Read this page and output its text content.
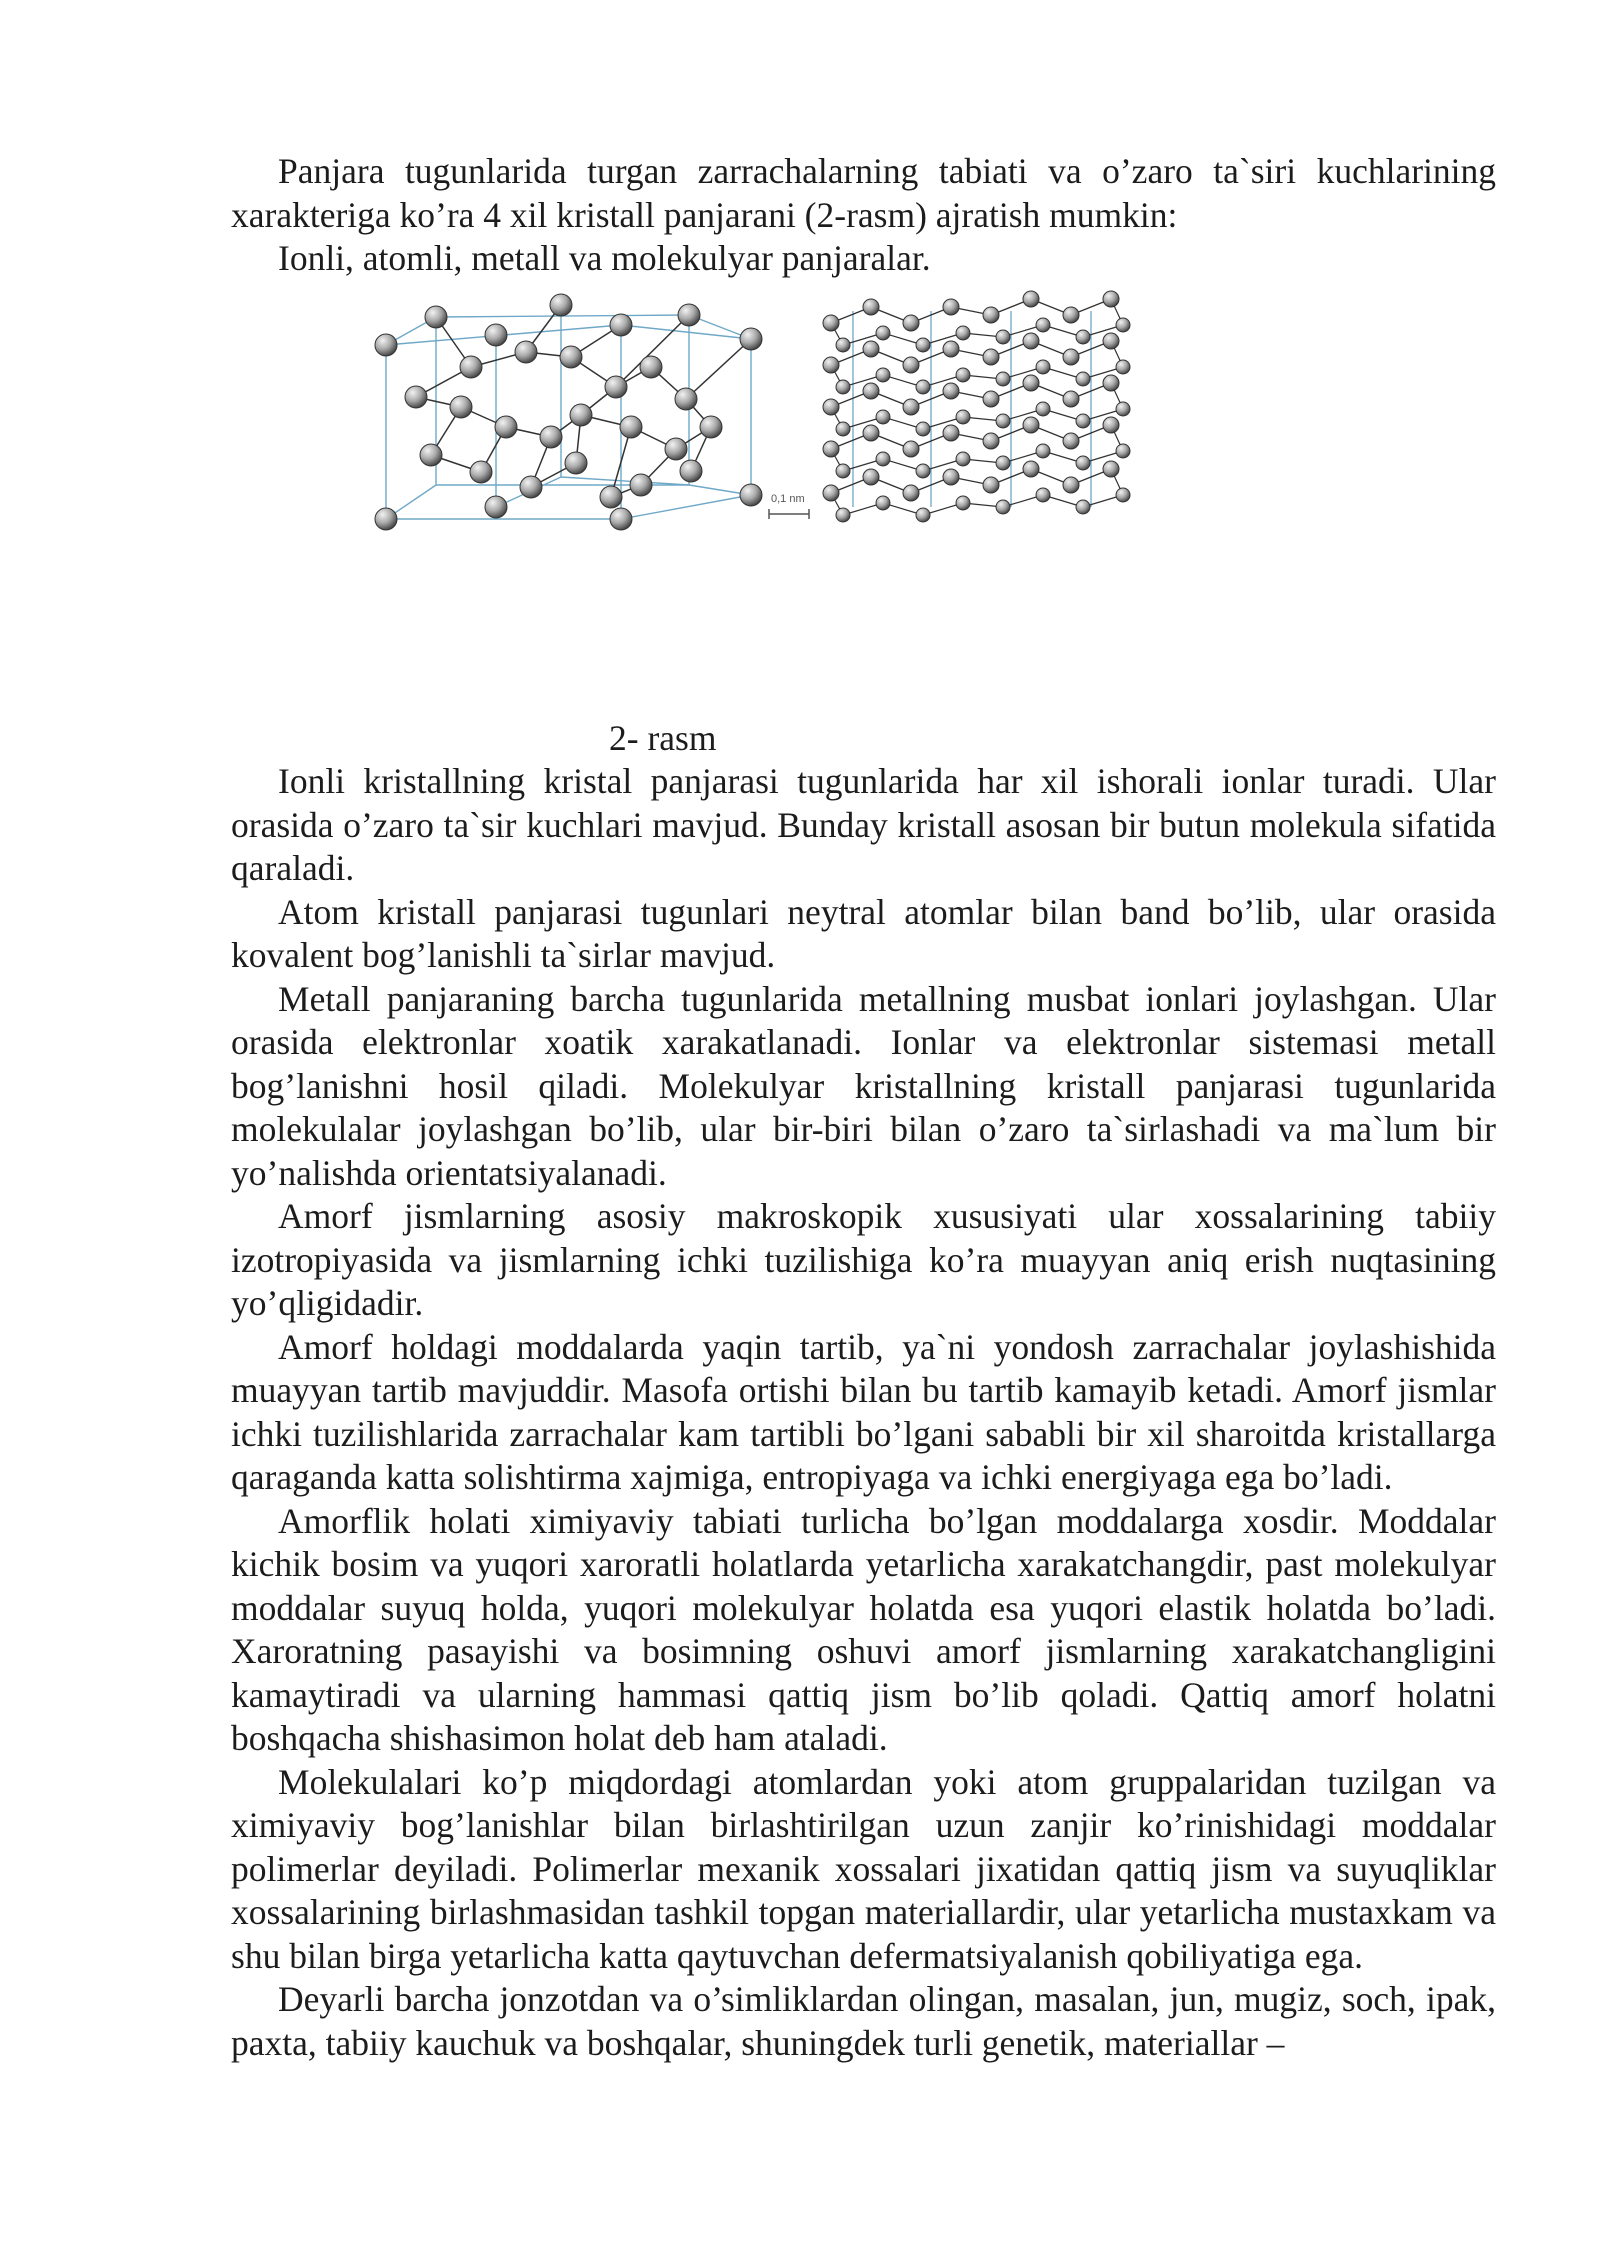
Panjara tugunlarida turgan zarrachalarning tabiati va o’zaro ta`siri kuchlarining xarakteriga ko’ra 4 xil kristall panjarani (2-rasm) ajratish mumkin:

Ionli, atomli, metall va molekulyar panjaralar.

0,1 nm

2- rasm

Ionli kristallning kristal panjarasi tugunlarida har xil ishorali ionlar turadi. Ular orasida o’zaro ta`sir kuchlari mavjud. Bunday kristall asosan bir butun molekula sifatida qaraladi.

Atom kristall panjarasi tugunlari neytral atomlar bilan band bo’lib, ular orasida kovalent bog’lanishli ta`sirlar mavjud.

Metall panjaraning barcha tugunlarida metallning musbat ionlari joylashgan. Ular orasida elektronlar xoatik xarakatlanadi. Ionlar va elektronlar sistemasi metall bog’lanishni hosil qiladi. Molekulyar kristallning kristall panjarasi tugunlarida molekulalar joylashgan bo’lib, ular bir-biri bilan o’zaro ta`sirlashadi va ma`lum bir yo’nalishda orientatsiyalanadi.

Amorf jismlarning asosiy makroskopik xususiyati ular xossalarining tabiiy izotropiyasida va jismlarning ichki tuzilishiga ko’ra muayyan aniq erish nuqtasining yo’qligidadir.

Amorf holdagi moddalarda yaqin tartib, ya`ni yondosh zarrachalar joylashishida muayyan tartib mavjuddir. Masofa ortishi bilan bu tartib kamayib ketadi. Amorf jismlar ichki tuzilishlarida zarrachalar kam tartibli bo’lgani sababli bir xil sharoitda kristallarga qaraganda katta solishtirma xajmiga, entropiyaga va ichki energiyaga ega bo’ladi.

Amorflik holati ximiyaviy tabiati turlicha bo’lgan moddalarga xosdir. Moddalar kichik bosim va yuqori xaroratli holatlarda yetarlicha xarakatchangdir, past molekulyar moddalar suyuq holda, yuqori molekulyar holatda esa yuqori elastik holatda bo’ladi. Xaroratning pasayishi va bosimning oshuvi amorf jismlarning xarakatchangligini kamaytiradi va ularning hammasi qattiq jism bo’lib qoladi. Qattiq amorf holatni boshqacha shishasimon holat deb ham ataladi.

Molekulalari ko’p miqdordagi atomlardan yoki atom gruppalaridan tuzilgan va ximiyaviy bog’lanishlar bilan birlashtirilgan uzun zanjir ko’rinishidagi moddalar polimerlar deyiladi. Polimerlar mexanik xossalari jixatidan qattiq jism va suyuqliklar xossalarining birlashmasidan tashkil topgan materiallardir, ular yetarlicha mustaxkam va shu bilan birga yetarlicha katta qaytuvchan defermatsiyalanish qobiliyatiga ega.

Deyarli barcha jonzotdan va o’simliklardan olingan, masalan, jun, mugiz, soch, ipak, paxta, tabiiy kauchuk va boshqalar, shuningdek turli genetik, materiallar –
